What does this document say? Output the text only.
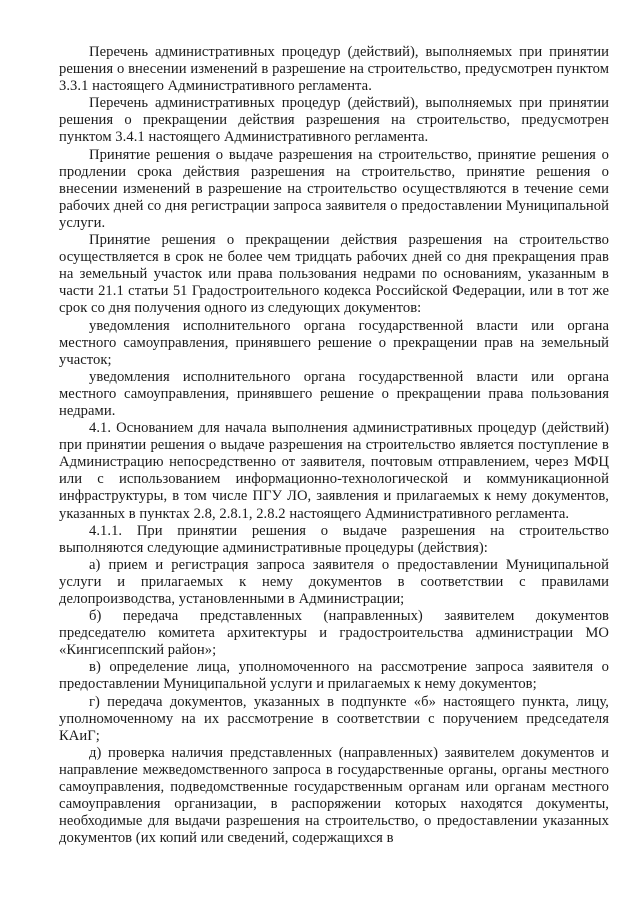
Перечень административных процедур (действий), выполняемых при принятии решения о внесении изменений в разрешение на строительство, предусмотрен пунктом 3.3.1 настоящего Административного регламента.

Перечень административных процедур (действий), выполняемых при принятии решения о прекращении действия разрешения на строительство, предусмотрен пунктом 3.4.1 настоящего Административного регламента.

Принятие решения о выдаче разрешения на строительство, принятие решения о продлении срока действия разрешения на строительство, принятие решения о внесении изменений в разрешение на строительство осуществляются в течение семи рабочих дней со дня регистрации запроса заявителя о предоставлении Муниципальной услуги.

Принятие решения о прекращении действия разрешения на строительство осуществляется в срок не более чем тридцать рабочих дней со дня прекращения прав на земельный участок или права пользования недрами по основаниям, указанным в части 21.1 статьи 51 Градостроительного кодекса Российской Федерации, или в тот же срок со дня получения одного из следующих документов:

уведомления исполнительного органа государственной власти или органа местного самоуправления, принявшего решение о прекращении прав на земельный участок;

уведомления исполнительного органа государственной власти или органа местного самоуправления, принявшего решение о прекращении права пользования недрами.

4.1. Основанием для начала выполнения административных процедур (действий) при принятии решения о выдаче разрешения на строительство является поступление в Администрацию непосредственно от заявителя, почтовым отправлением, через МФЦ или с использованием информационно-технологической и коммуникационной инфраструктуры, в том числе ПГУ ЛО, заявления и прилагаемых к нему документов, указанных в пунктах 2.8, 2.8.1, 2.8.2 настоящего Административного регламента.

4.1.1. При принятии решения о выдаче разрешения на строительство выполняются следующие административные процедуры (действия):

а) прием и регистрация запроса заявителя о предоставлении Муниципальной услуги и прилагаемых к нему документов в соответствии с правилами делопроизводства, установленными в Администрации;

б) передача представленных (направленных) заявителем документов председателю комитета архитектуры и градостроительства администрации МО «Кингисеппский район»;

в) определение лица, уполномоченного на рассмотрение запроса заявителя о предоставлении Муниципальной услуги и прилагаемых к нему документов;

г) передача документов, указанных в подпункте «б» настоящего пункта, лицу, уполномоченному на их рассмотрение в соответствии с поручением председателя КАиГ;

д) проверка наличия представленных (направленных) заявителем документов и направление межведомственного запроса в государственные органы, органы местного самоуправления, подведомственные государственным органам или органам местного самоуправления организации, в распоряжении которых находятся документы, необходимые для выдачи разрешения на строительство, о предоставлении указанных документов (их копий или сведений, содержащихся в
